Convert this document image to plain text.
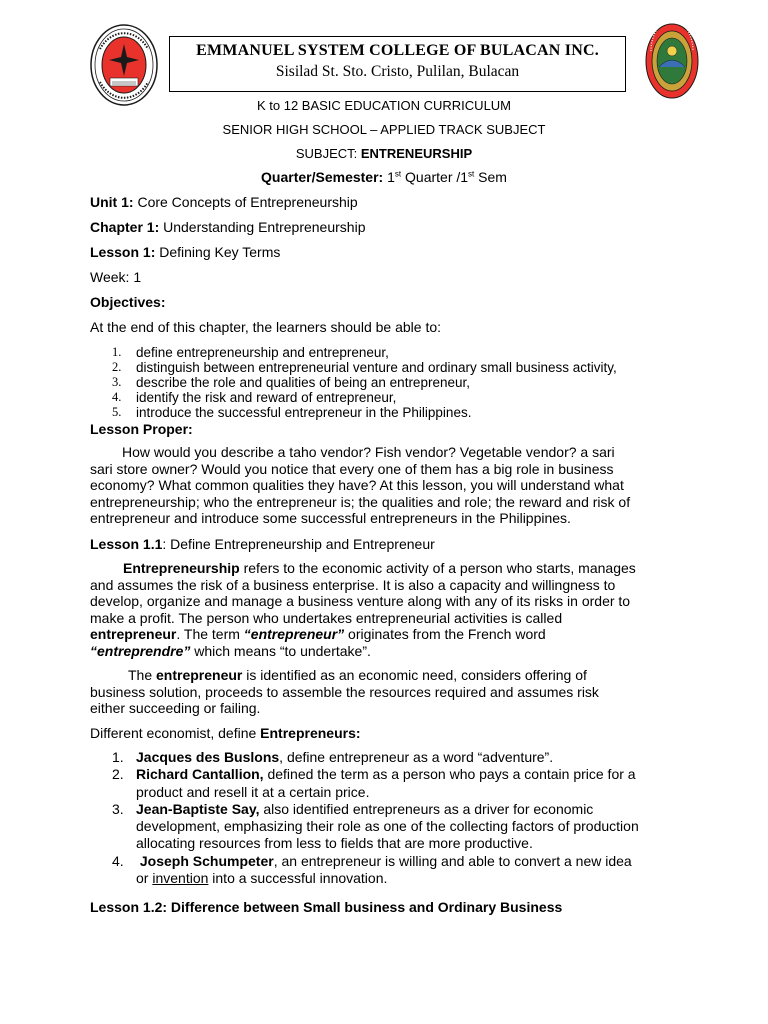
EMMANUEL SYSTEM COLLEGE OF BULACAN INC.
Sisilad St. Sto. Cristo, Pulilan, Bulacan
K to 12 BASIC EDUCATION CURRICULUM
SENIOR HIGH SCHOOL – APPLIED TRACK SUBJECT
SUBJECT: ENTRENEURSHIP
Quarter/Semester: 1st Quarter /1st Sem
Unit 1: Core Concepts of Entrepreneurship
Chapter 1: Understanding Entrepreneurship
Lesson 1: Defining Key Terms
Week: 1
Objectives:
At the end of this chapter, the learners should be able to:
1. define entrepreneurship and entrepreneur,
2. distinguish between entrepreneurial venture and ordinary small business activity,
3. describe the role and qualities of being an entrepreneur,
4. identify the risk and reward of entrepreneur,
5. introduce the successful entrepreneur in the Philippines.
Lesson Proper:
How would you describe a taho vendor? Fish vendor? Vegetable vendor? a sari
sari store owner? Would you notice that every one of them has a big role in business
economy? What common qualities they have? At this lesson, you will understand what
entrepreneurship; who the entrepreneur is; the qualities and role; the reward and risk of
entrepreneur and introduce some successful entrepreneurs in the Philippines.
Lesson 1.1: Define Entrepreneurship and Entrepreneur
Entrepreneurship refers to the economic activity of a person who starts, manages
and assumes the risk of a business enterprise. It is also a capacity and willingness to
develop, organize and manage a business venture along with any of its risks in order to
make a profit. The person who undertakes entrepreneurial activities is called
entrepreneur. The term “entrepreneur” originates from the French word
“entreprendre” which means “to undertake”.
The entrepreneur is identified as an economic need, considers offering of
business solution, proceeds to assemble the resources required and assumes risk
either succeeding or failing.
Different economist, define Entrepreneurs:
1. Jacques des Buslons, define entrepreneur as a word “adventure”.
2. Richard Cantallion, defined the term as a person who pays a contain price for a
product and resell it at a certain price.
3. Jean-Baptiste Say, also identified entrepreneurs as a driver for economic
development, emphasizing their role as one of the collecting factors of production
allocating resources from less to fields that are more productive.
4. Joseph Schumpeter, an entrepreneur is willing and able to convert a new idea
or invention into a successful innovation.
Lesson 1.2: Difference between Small business and Ordinary Business
